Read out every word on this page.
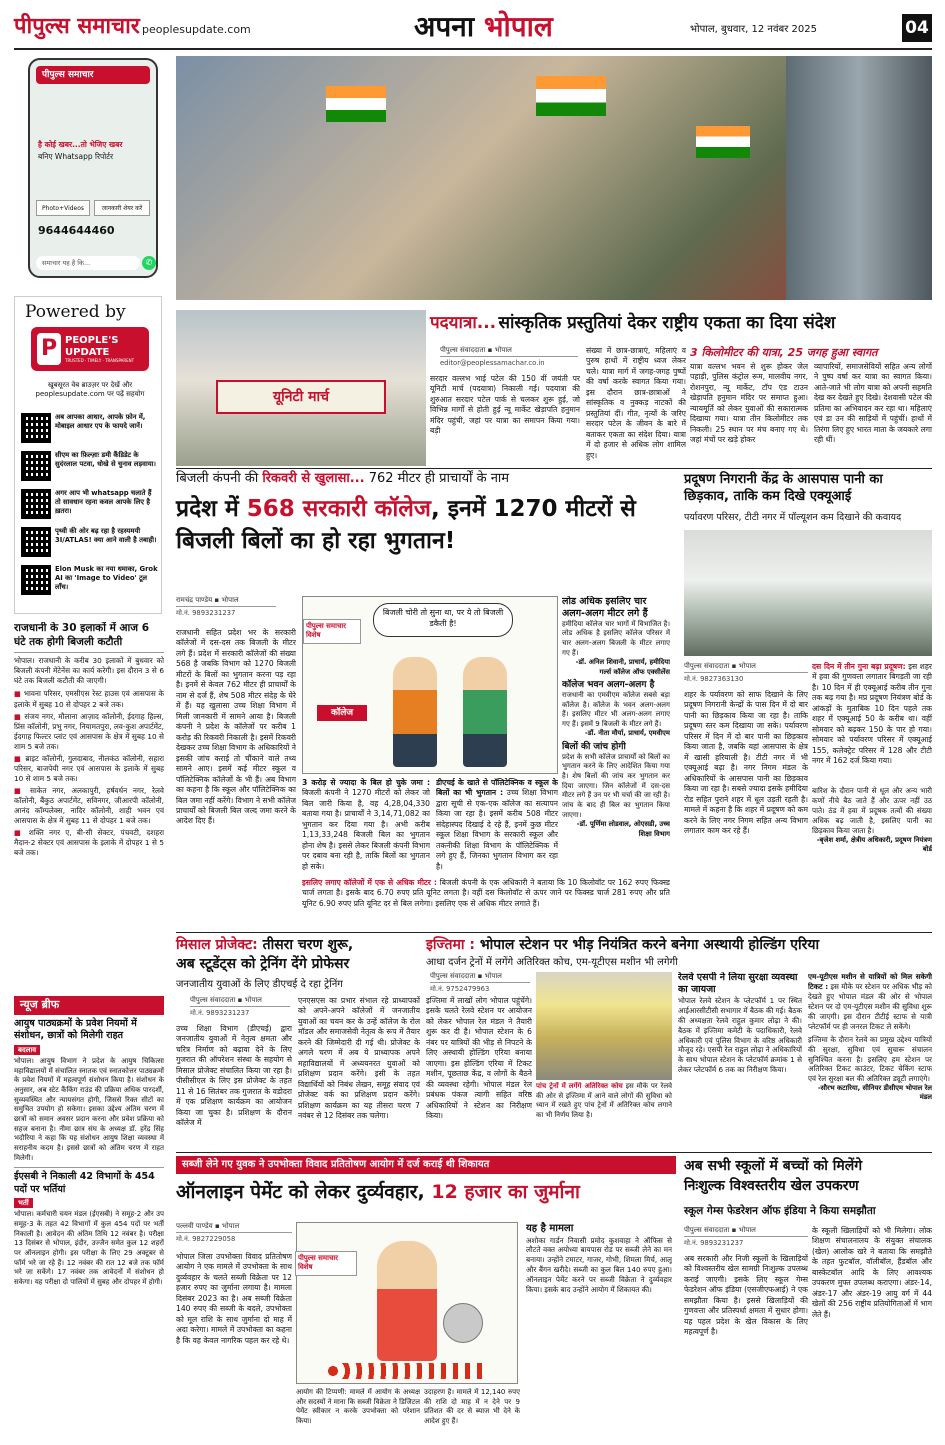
पीपुल्स समाचार peoplesupdate.com	अपना भोपाल	भोपाल, बुधवार, 12 नवंबर 2025	04
पीपुल्स समाचार
है कोई खबर...तो भेजिए खबर
बनिए Whatsapp रिपोर्टर
Photo+Videos	जानकारी शेयर करें
9644644460
समाचार यह है कि...	✆
Powered by
P PEOPLE'S UPDATE
TRUSTED · TIMELY · TRANSPARENT
खूबसूरत वेब ब्राउज़र पर देखें और peoplesupdate.com पर पढ़ें सहयोग
अब आपका आधार, आपके फ़ोन में, मोबाइल आधार एप के फायदे जानें।
सीएम का फ़िल्ज़ाः डमी कैंडिडेट के सुदंरलाल पटवा, धोखे से चुनाव लड़वाया।
अगर आप भी whatsapp चलाते हैं तो सावधान रहना कवल आपके लिए है ख़तरा।
पृथ्वी की ओर बढ़ रहा है रहस्यमयी 3I/ATLAS! क्या आने वाली है तबाही।
Elon Musk का नया धमाका, Grok AI का 'Image to Video' टूल लाँच।
राजधानी के 30 इलाकों में आज 6 घंटे तक होगी बिजली कटौती
भोपाल। राजधानी के करीब 30 इलाकों में बुधवार को बिजली कंपनी मेंटेनेंस का कार्य करेगी। इस दौरान 3 से 6 घंटे तक बिजली कटौती की जाएगी।
■ भावना परिसर, एमसीएस रेस्ट हाउस एवं आसपास के इलाके में सुबह 10 से दोपहर 2 बजे तक।
■ संजय नगर, मौलाना आज़ाद कॉलोनी, ईदगाह हिल्स, प्रिंस कॉलोनी, प्रभु नगर, नियामतपुरा, लव-कुश अपार्टमेंट, ईदगाह फिल्टर प्लांट एवं आसपास के क्षेत्र में सुबह 10 से शाम 5 बजे तक।
■ ब्राइट कॉलोनी, गुलदाबाद, नीलकंठ कॉलोनी, सहारा परिसर, बाजपेयी नगर एवं आसपास के इलाके में सुबह 10 से शाम 5 बजे तक।
■ साकेत नगर, अलकापुरी, हर्षवर्धन नगर, रेलवे कॉलोनी, बैंकुठ अपार्टमेंट, सविनगर, जीआरपी कॉलोनी, आनंद कॉम्पलेक्स, नादिर कॉलोनी, शाही भवन एवं आसपास के क्षेत्र में सुबह 11 से दोपहर 1 बजे तक।
■ शक्ति नगर ए, बी-सी सेक्टर, पंचवटी, दशहरा मैदान-2 सेक्टर एवं आसपास के इलाके में दोपहर 1 से 5 बजे तक।
न्यूज ब्रीफ
आयुष पाठ्यक्रमों के प्रवेश नियमों में संशोधन, छात्रों को मिलेगी राहत
बदलाव
भोपाल। आयुष विभाग ने प्रदेश के आयुष चिकित्सा महाविद्यालयों में संचालित स्नातक एवं स्नातकोत्तर पाठ्यक्रमों के प्रवेश नियमों में महत्वपूर्ण संशोधन किया है। संशोधन के अनुसार, अब स्टेट कैंकिंग राउंड की प्रक्रिया अधिक पारदर्शी, सुव्यवस्थित और न्यायसंगत होगी, जिससे रिक्त सीटों का समुचित उपयोग हो सकेगा। इसका उद्देश्य अंतिम चरण में छात्रों को समान अवसर प्रदान करना और प्रवेश प्रक्रिया को सहज बनाना है। नीमा छात्र संघ के अध्यक्ष डॉ. हरेंद्र सिंह भदौरिया ने कहा कि यह संशोधन आयुष शिक्षा व्यवस्था में सराहनीय कदम है। इससे छात्रों को अंतिम चरण में राहत मिलेगी।
ईएसबी ने निकाली 42 विभागों के 454 पदों पर भर्तियां
भर्ती
भोपाल। कर्मचारी चयन मंडल (ईएसबी) ने समूह-2 और उप समूह-3 के तहत 42 विभागों में कुल 454 पदों पर भर्ती निकाली है। आवेदन की अंतिम तिथि 12 नवंबर है। परीक्षा 13 दिसंबर से भोपाल, इंदौर, उज्जैन समेत कुल 12 शहरों पर ऑनलाइन होगी। इस परीक्षा के लिए 29 अक्टूबर से फॉर्म भरे जा रहे हैं। 12 नवंबर की रात 12 बजे तक फॉर्म भरे जा सकेंगे। 17 नवंबर तक आवेदनों में संशोधन हो सकेगा। यह परीक्षा दो पालियों में सुबह और दोपहर में होगी।
यूनिटी मार्च
पदयात्रा... सांस्कृतिक प्रस्तुतियां देकर राष्ट्रीय एकता का दिया संदेश
पीपुल्स संवाददाता ▪ भोपाल
editor@peoplessamachar.co.in
सरदार वल्लभ भाई पटेल की 150 वीं जयंती पर यूनिटी मार्च (पदयात्रा) निकाली गई। पदयात्रा की शुरुआत सरदार पटेल पार्क से चलकर शुरू हुई, जो विभिन्न मार्गों से होती हुई न्यू मार्केट खेड़ापति हनुमान मंदिर पहुंची, जहां पर यात्रा का समापन किया गया। बड़ी
संख्या में छात्र-छात्राएं, महिलाएं व पुरुष हाथों में राष्ट्रीय ध्वज लेकर चले। यात्रा मार्ग में जगह-जगह पुष्पों की वर्षा करके स्वागत किया गया। इस दौरान छात्र-छात्राओं ने सांस्कृतिक व नुक्कड़ नाटकों की प्रस्तुतियां दीं। गीत, नृत्यों के जरिए सरदार पटेल के जीवन के बारे में बताकर एकता का संदेश दिया। यात्रा में दो हजार से अधिक लोग शामिल हुए।
3 किलोमीटर की यात्रा, 25 जगह हुआ स्वागत
यात्रा वल्लभ भवन से शुरू होकर जेल पहाड़ी, पुलिस कंट्रोल रूम, मालवीय नगर, रोशनपुरा, न्यू मार्केट, टॉप एंड टाउन खेड़ापति हनुमान मंदिर पर समाप्त हुआ। न्यायमूर्ति को लेकर युवाओं की सकारात्मक दिखाया गया। यात्रा तीन किलोमीटर तक निकली। 25 स्थान पर मंच बनाए गए थे। जहां मंचों पर खड़े होकर
व्यापारियों, समाजसेवियों सहित अन्य लोगों ने पुष्प वर्षा कर यात्रा का स्वागत किया। आते-जाते भी लोग यात्रा को अपनी सहमति देख कर देखते हुए दिखे। देशवासी पटेल की प्रतिमा का अभिवादन कर रहा था। महिलाएं एवं डा उन की साड़ियों में पहुंचीं। हाथों में तिरंगा लिए हुए भारत माता के जयकारे लगा रही थीं।
बिजली कंपनी की रिकवरी से खुलासा... 762 मीटर ही प्राचार्यों के नाम
प्रदेश में 568 सरकारी कॉलेज, इनमें 1270 मीटरों से बिजली बिलों का हो रहा भुगतान!
रामचंद्र पाण्डेय ▪ भोपाल
मो.नं. 9893231237
राजधानी सहित प्रदेश भर के सरकारी कॉलेजों में दस-दस तक बिजली के मीटर लगे हैं। प्रदेश में सरकारी कॉलेजों की संख्या 568 है जबकि विभाग को 1270 बिजली मीटरों के बिलों का भुगतान करना पड़ रहा है। इनमें से केवल 762 मीटर ही प्राचार्यों के नाम से दर्ज हैं, शेष 508 मीटर संदेह के घेरे में हैं। यह खुलासा उच्च शिक्षा विभाग में मिली जानकारी में सामने आया है। बिजली कंपनी ने प्रदेश के कॉलेजों पर करीब 1 करोड़ की रिकवरी निकाली है। इसमें रिकवरी देखकर उच्च शिक्षा विभाग के अधिकारियों ने इसकी जांच कराई तो चौंकाने वाले तथ्य सामने आए। इसमें कई मीटर स्कूल व पॉलिटेक्निक कॉलेजों के भी हैं। अब विभाग का कहना है कि स्कूल और पॉलिटेक्निक का बिल जमा नहीं करेंगे। विभाग ने सभी कॉलेज प्राचार्यों को बिजली बिल जल्द जमा करने के आदेश दिए हैं।
पीपुल्स समाचार
विशेष
बिजली चोरी तो सुना था, पर ये तो बिजली डकैती है!
कॉलेज
3 करोड़ से ज्यादा के बिल हो चुके जमा : बिजली कंपनी ने 1270 मीटरों को लेकर जो बिल जारी किया है, वह 4,28,04,330 बताया गया है। प्राचार्यों ने 3,14,71,082 का भुगतान कर दिया गया है। अभी करीब 1,13,33,248 बिजली बिल का भुगतान होना शेष है। इससे लेकर बिजली कंपनी विभाग पर दबाव बना रही है, ताकि बिलों का भुगतान हो सके।
डीएचई के खाते से पॉलिटेक्निक व स्कूल के बिलों का भी भुगतान : उच्च शिक्षा विभाग द्वारा सूची से एक-एक कॉलेज का सत्यापन किया जा रहा है। इसमें करीब 508 मीटर संदेहास्पद दिखाई दे रहे हैं, इनमें कुछ मीटर स्कूल शिक्षा विभाग के सरकारी स्कूल और तकनीकी शिक्षा विभाग के पॉलिटेक्निक में लगे हुए हैं, जिनका भुगतान विभाग कर रहा है।
इसलिए लगाए कॉलेजों में एक से अधिक मीटर : बिजली कंपनी के एक अधिकारी ने बताया कि 10 किलोवॉट पर 162 रुपए फिक्स्ड चार्ज लगता है। इसके बाद 6.70 रुपए प्रति यूनिट लगता है। वहीं दस किलोवॉट से ऊपर जाने पर फिक्स्ड चार्ज 281 रुपए और प्रति यूनिट 6.90 रुपए प्रति यूनिट दर से बिल लगेगा। इसलिए एक से अधिक मीटर लगाते हैं।
लोड अधिक इसलिए चार अलग-अलग मीटर लगे हैं
हमीदिया कॉलेज चार भागों में विभाजित है। लोड अधिक है इसलिए कॉलेज परिसर में चार अलग-अलग बिजली के मीटर लगाए गए हैं।
-डॉ. अनिल शिवानी, प्राचार्य, हमीदिया गर्ल्स कॉलेज ऑफ एक्सीलेंस
कॉलेज भवन अलग-अलग है
राजधानी का एमवीएम कॉलेज सबसे बड़ा कॉलेज है। कॉलेज के भवन अलग-अलग हैं। इसलिए मीटर भी अलग-अलग लगाए गए हैं। इसमें 9 बिजली के मीटर लगे हैं।
-डॉ. नीता मौर्या, प्राचार्य, एमवीएम
बिलों की जांच होगी
प्रदेश के सभी कॉलेज प्राचार्यों को बिलों का भुगतान करने के लिए आदेशित किया गया है। शेष बिलों की जांच कर भुगतान कर दिया जाएगा। जिन कॉलेजों में दस-दस मीटर लगे हैं उन पर भी चर्चा की जा रही है। जांच के बाद ही बिल का भुगतान किया जाएगा।
-डॉ. पूर्णिमा लोडवाल, ओएसडी, उच्च शिक्षा विभाग
प्रदूषण निगरानी केंद्र के आसपास पानी का छिड़काव, ताकि कम दिखे एक्यूआई
पर्यावरण परिसर, टीटी नगर में पॉल्यूशन कम दिखाने की कवायद
पीपुल्स संवाददाता ▪ भोपाल
मो.नं. 9827363130
शहर के पर्यावरण को साफ दिखाने के लिए प्रदूषण निगरानी केन्द्रों के पास दिन में दो बार पानी का छिड़काव किया जा रहा है। ताकि प्रदूषण स्तर कम दिखाया जा सके। पर्यावरण परिसर में दिन में दो बार पानी का छिड़काव किया जाता है, जबकि यहां आसपास के क्षेत्र में खासी हरियाली है। टीटी नगर में भी एक्यूआई बढ़ा है। नगर निगम मंडल के अधिकारियों के आसपास पानी का छिड़काव किया जा रहा है। सबसे ज्यादा इसके हमीदिया रोड सहित पुराने शहर में धूल उड़ती रहती है। मामले में कहना है कि शहर में प्रदूषण को कम करने के लिए नगर निगम सहित अन्य विभाग लगातार काम कर रहे हैं।
दस दिन में तीन गुना बढ़ा प्रदूषण: इस शहर में हवा की गुणवत्ता लगातार बिगड़ती जा रही है। 10 दिन में ही एक्यूआई करीब तीन गुना तक बढ़ गया है। मप्र प्रदूषण नियंत्रण बोर्ड के आंकड़ों के मुताबिक 10 दिन पहले तक शहर में एक्यूआई 50 के करीब था। वहीं सोमवार को बढ़कर 150 के पार हो गया। सोमवार को पर्यावरण परिसर में एक्यूआई 155, कलेक्ट्रेट परिसर में 128 और टीटी नगर में 162 दर्ज किया गया।
बारिश के दौरान पानी से धूल और अन्य भारी कणों नीचे बैठ जाते हैं और ऊपर नहीं उठ पाते। ठंड में हवा में प्रदूषक तत्वों की संख्या अधिक बढ़ जाती है, इसलिए पानी का छिड़काव किया जाता है।
-बृजेश शर्मा, क्षेत्रीय अधिकारी, प्रदूषण नियंत्रण बोर्ड
मिसाल प्रोजेक्ट: तीसरा चरण शुरू,
अब स्टूडेंट्स को ट्रेनिंग देंगे प्रोफेसर
जनजातीय युवाओं के लिए डीएचई दे रहा ट्रेनिंग
पीपुल्स संवाददाता ▪ भोपाल
मो.नं. 9893231237
उच्च शिक्षा विभाग (डीएचई) द्वारा जनजातीय युवाओं में नेतृत्व क्षमता और चरित्र निर्माण को बढ़ावा देने के लिए गुजरात की ऑपरेशन संस्था के सहयोग से मिसाल प्रोजेक्ट संचालित किया जा रहा है। पीसीसीएल के लिए इस प्रोजेक्ट के तहत 11 से 16 सितंबर तक गुजरात के वडोदरा में एक प्रशिक्षण कार्यक्रम का आयोजन किया जा चुका है। प्रशिक्षण के दौरान कॉलेज में
एनएसएस का प्रभार संभाल रहे प्राध्यापकों को अपने-अपने कॉलेजों में जनजातीय युवाओं का चयन कर के उन्हें कॉलेज के रोल मॉडल और समाजसेवी नेतृत्व के रूप में तैयार करने की जिम्मेदारी दी गई थी। प्रोजेक्ट के अगले चरण में अब ये प्राध्यापक अपने महाविद्यालयों में अध्ययनरत युवाओं को प्रशिक्षण प्रदान करेंगे। इसी के तहत विद्यार्थियों को निबंध लेखन, समूह संवाद एवं प्रोजेक्ट वर्क का प्रशिक्षण प्रदान करेंगे। प्रशिक्षण कार्यक्रम का यह तीसरा चरण 7 नवंबर से 12 दिसंबर तक चलेगा।
इज्तिमा : भोपाल स्टेशन पर भीड़ नियंत्रित करने बनेगा अस्थायी होल्डिंग एरिया
आधा दर्जन ट्रेनों में लगेंगे अतिरिक्त कोच, एम-यूटीएस मशीन भी लगेगी
पीपुल्स संवाददाता ▪ भोपाल
मो.नं. 9752479963
इज्तिमा में लाखों लोग भोपाल पहुंचेंगे। इसके चलते रेलवे स्टेशन पर आयोजन को लेकर भोपाल रेल मंडल ने तैयारी शुरू कर दी है। भोपाल स्टेशन के 6 नंबर पर यात्रियों की भीड़ से निपटने के लिए अस्थायी होल्डिंग एरिया बनाया जाएगा। इस होल्डिंग एरिया में टिकट मशीन, पूछताछ केंद्र, व लोगों के बैठने की व्यवस्था रहेगी। भोपाल मंडल रेल प्रबंधक पंकज त्यागी सहित वरिष्ठ अधिकारियों ने स्टेशन का निरीक्षण किया।
पांच ट्रेनों में लगेंगे अतिरिक्त कोच इस मौके पर रेलवे की ओर से इज्तिमा में आने वाले लोगों की सुविधा को ध्यान में रखते हुए पांच ट्रेनों में अतिरिक्त कोच लगाने का भी निर्णय लिया है।
रेलवे एसपी ने लिया सुरक्षा व्यवस्था का जायजा
भोपाल रेलवे स्टेशन के प्लेटफॉर्म 1 पर स्थित आईआरसीटीसी सभागार में बैठक की गई। बैठक की अध्यक्षता रेलवे राहुल कुमार लोढ़ा ने की। बैठक में इज्तिमा कमेटी के पदाधिकारी, रेलवे अधिकारी एवं पुलिस विभाग के वरिष्ठ अधिकारी मौजूद रहे। एसपी रेल राहुल लोढ़ा ने अधिकारियों के साथ भोपाल स्टेशन के प्लेटफॉर्म क्रमांक 1 से लेकर प्लेटफॉर्म 6 तक का निरीक्षण किया।
एम-यूटीएस मशीन से यात्रियों को मिल सकेगी टिकट : इस मौके पर स्टेशन पर अधिक भीड़ को देखते हुए भोपाल मंडल की ओर से भोपाल स्टेशन पर दो एम-यूटीएस मशीन की सुविधा शुरू की जाएगी। इस दौरान टीटीई स्टाफ से यात्री प्लेटफॉर्म पर ही जनरल टिकट ले सकेंगे।
इज्तिमा के दौरान रेलवे का प्रमुख उद्देश्य यात्रियों की सुरक्षा, सुविधा एवं सुचारू संचालन सुनिश्चित करना है। इसलिए हम स्टेशन पर अतिरिक्त टिकट काउंटर, टिकट चेकिंग स्टाफ एवं रेल सुरक्षा बल की अतिरिक्त ड्यूटी लगाएंगे।
-सौरभ कटारिया, सीनियर डीसीएम भोपाल रेल मंडल
सब्जी लेने गए युवक ने उपभोक्ता विवाद प्रतितोषण आयोग में दर्ज कराई थी शिकायत
ऑनलाइन पेमेंट को लेकर दुर्व्यवहार, 12 हजार का जुर्माना
पल्लवी पाण्डेय ▪ भोपाल
मो.नं. 9827229058
भोपाल जिला उपभोक्ता विवाद प्रतितोषण आयोग ने एक मामले में उपभोक्ता के साथ दुर्व्यवहार के चलते सब्जी विक्रेता पर 12 हजार रुपए का जुर्माना लगाया है। मामला दिसंबर 2023 का है। अब सब्जी विक्रेता 140 रुपए की सब्जी के बदले, उपभोक्ता को मूल राशि के साथ जुर्माना दो माह में अदा करेगा। मामले में उपभोक्ता का कहना है कि वह केवल नागरिक पहल कर रहे थे।
पीपुल्स समाचार
विशेष
आयोग की टिप्पणी: मामले में आयोग के अध्यक्ष और सदस्यों ने माना कि सब्जी विक्रेता ने डिजिटल पेमेंट स्वीकार न करके उपभोक्ता को परेशान किया।
उदाहरण है। मामले में 12,140 रुपए की राशि दो माह में न देने पर 9 प्रतिशत की दर से ब्याज भी देने के आदेश हुए हैं।
यह है मामला
अशोका गार्डन निवासी प्रमोद कुशवाहा ने ऑफिस से लौटते वक्त अयोध्या बायपास रोड पर सब्जी लेने का मन बनाया। उन्होंने टमाटर, गाजर, गोभी, शिमला मिर्च, आलू और बैंगन खरीदे। सब्जी का कुल बिल 140 रुपए हुआ। ऑनलाइन पेमेंट करने पर सब्जी विक्रेता ने दुर्व्यवहार किया। इसके बाद उन्होंने आयोग में शिकायत की।
अब सभी स्कूलों में बच्चों को मिलेंगे
निःशुल्क विश्वस्तरीय खेल उपकरण
स्कूल गेम्स फेडरेशन ऑफ इंडिया ने किया समझौता
पीपुल्स संवाददाता ▪ भोपाल
मो.नं. 9893231237
अब सरकारी और निजी स्कूलों के खिलाड़ियों को विश्वस्तरीय खेल सामग्री निःशुल्क उपलब्ध कराई जाएगी। इसके लिए स्कूल गेम्स फेडरेशन ऑफ इंडिया (एसजीएफआई) ने एक समझौता किया है। इससे खिलाड़ियों की गुणवत्ता और प्रतिस्पर्धा क्षमता में सुधार होगा। यह पहल प्रदेश के खेल विकास के लिए महत्वपूर्ण है।
के स्कूली खिलाड़ियों को भी मिलेगा। लोक शिक्षण संचालनालय के संयुक्त संचालक (खेल) आलोक खरे ने बताया कि समझौते के तहत फुटबॉल, वॉलीबॉल, हैंडबॉल और बास्केटबॉल आदि के लिए आवश्यक उपकरण मुफ्त उपलब्ध कराएगा। अंडर-14, अंडर-17 और अंडर-19 आयु वर्ग में 44 खेलों की 256 राष्ट्रीय प्रतियोगिताओं में भाग लेते हैं।
